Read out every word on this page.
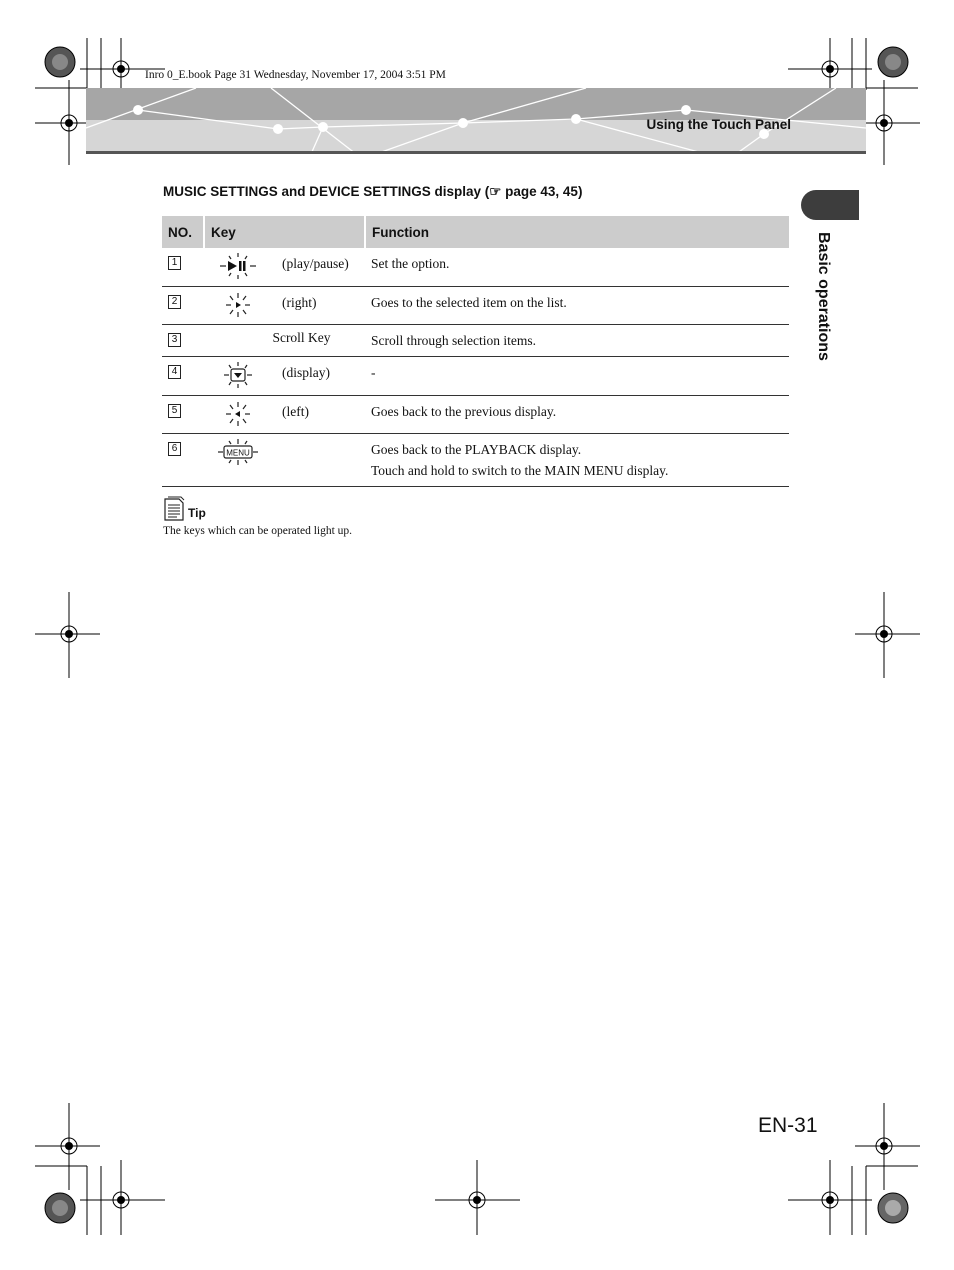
Inro 0_E.book Page 31 Wednesday, November 17, 2004 3:51 PM
Using the Touch Panel
Basic operations
MUSIC SETTINGS and DEVICE SETTINGS display (☞ page 43, 45)
NO.	Key	Function
1	(play/pause)	Set the option.

2	(right)	Goes to the selected item on the list.

3	Scroll Key	Scroll through selection items.

4	(display)	-

5	(left)	Goes back to the previous display.

6	MENU	Goes back to the PLAYBACK display.
Touch and hold to switch to the MAIN MENU display.
Tip
The keys which can be operated light up.
EN-31
